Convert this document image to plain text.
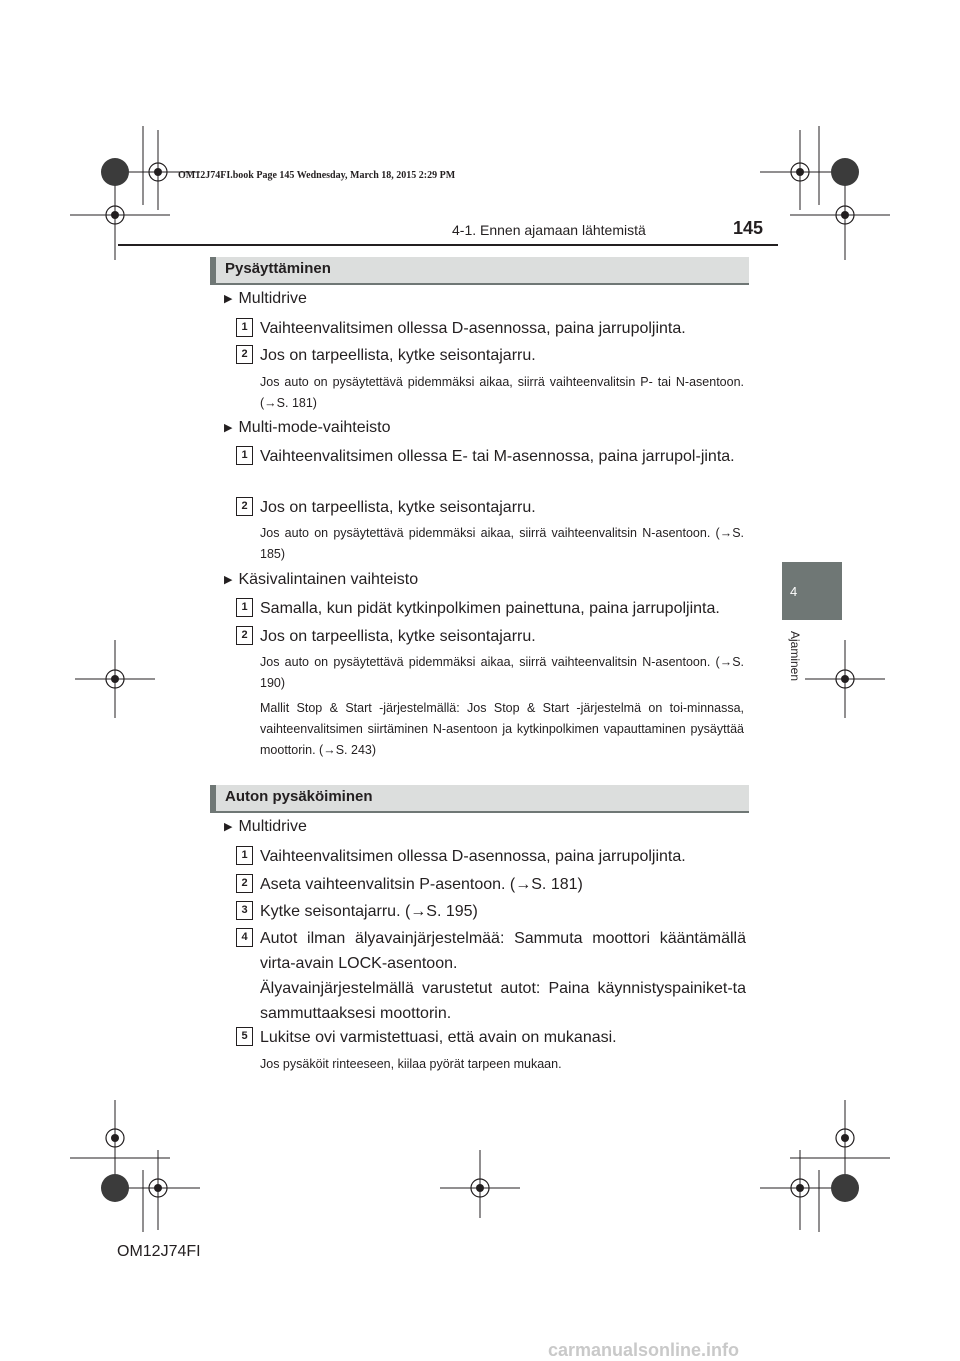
OM12J74FI.book Page 145 Wednesday, March 18, 2015 2:29 PM
4-1. Ennen ajamaan lähtemistä	145
4
Ajaminen
Pysäyttäminen
▶ Multidrive
1 Vaihteenvalitsimen ollessa D-asennossa, paina jarrupoljinta.
2 Jos on tarpeellista, kytke seisontajarru.
Jos auto on pysäytettävä pidemmäksi aikaa, siirrä vaihteenvalitsin P- tai N-asentoon. (→S. 181)
▶ Multi-mode-vaihteisto
1 Vaihteenvalitsimen ollessa E- tai M-asennossa, paina jarrupol-jinta.
2 Jos on tarpeellista, kytke seisontajarru.
Jos auto on pysäytettävä pidemmäksi aikaa, siirrä vaihteenvalitsin N-asentoon. (→S. 185)
▶ Käsivalintainen vaihteisto
1 Samalla, kun pidät kytkinpolkimen painettuna, paina jarrupoljinta.
2 Jos on tarpeellista, kytke seisontajarru.
Jos auto on pysäytettävä pidemmäksi aikaa, siirrä vaihteenvalitsin N-asentoon. (→S. 190)
Mallit Stop & Start -järjestelmällä: Jos Stop & Start -järjestelmä on toi-minnassa, vaihteenvalitsimen siirtäminen N-asentoon ja kytkinpolkimen vapauttaminen pysäyttää moottorin. (→S. 243)
Auton pysäköiminen
▶ Multidrive
1 Vaihteenvalitsimen ollessa D-asennossa, paina jarrupoljinta.
2 Aseta vaihteenvalitsin P-asentoon. (→S. 181)
3 Kytke seisontajarru. (→S. 195)
4 Autot ilman älyavainjärjestelmää: Sammuta moottori kääntämällä virta-avain LOCK-asentoon.
Älyavainjärjestelmällä varustetut autot: Paina käynnistyspainiket-ta sammuttaaksesi moottorin.
5 Lukitse ovi varmistettuasi, että avain on mukanasi.
Jos pysäköit rinteeseen, kiilaa pyörät tarpeen mukaan.
OM12J74FI
carmanualsonline.info
